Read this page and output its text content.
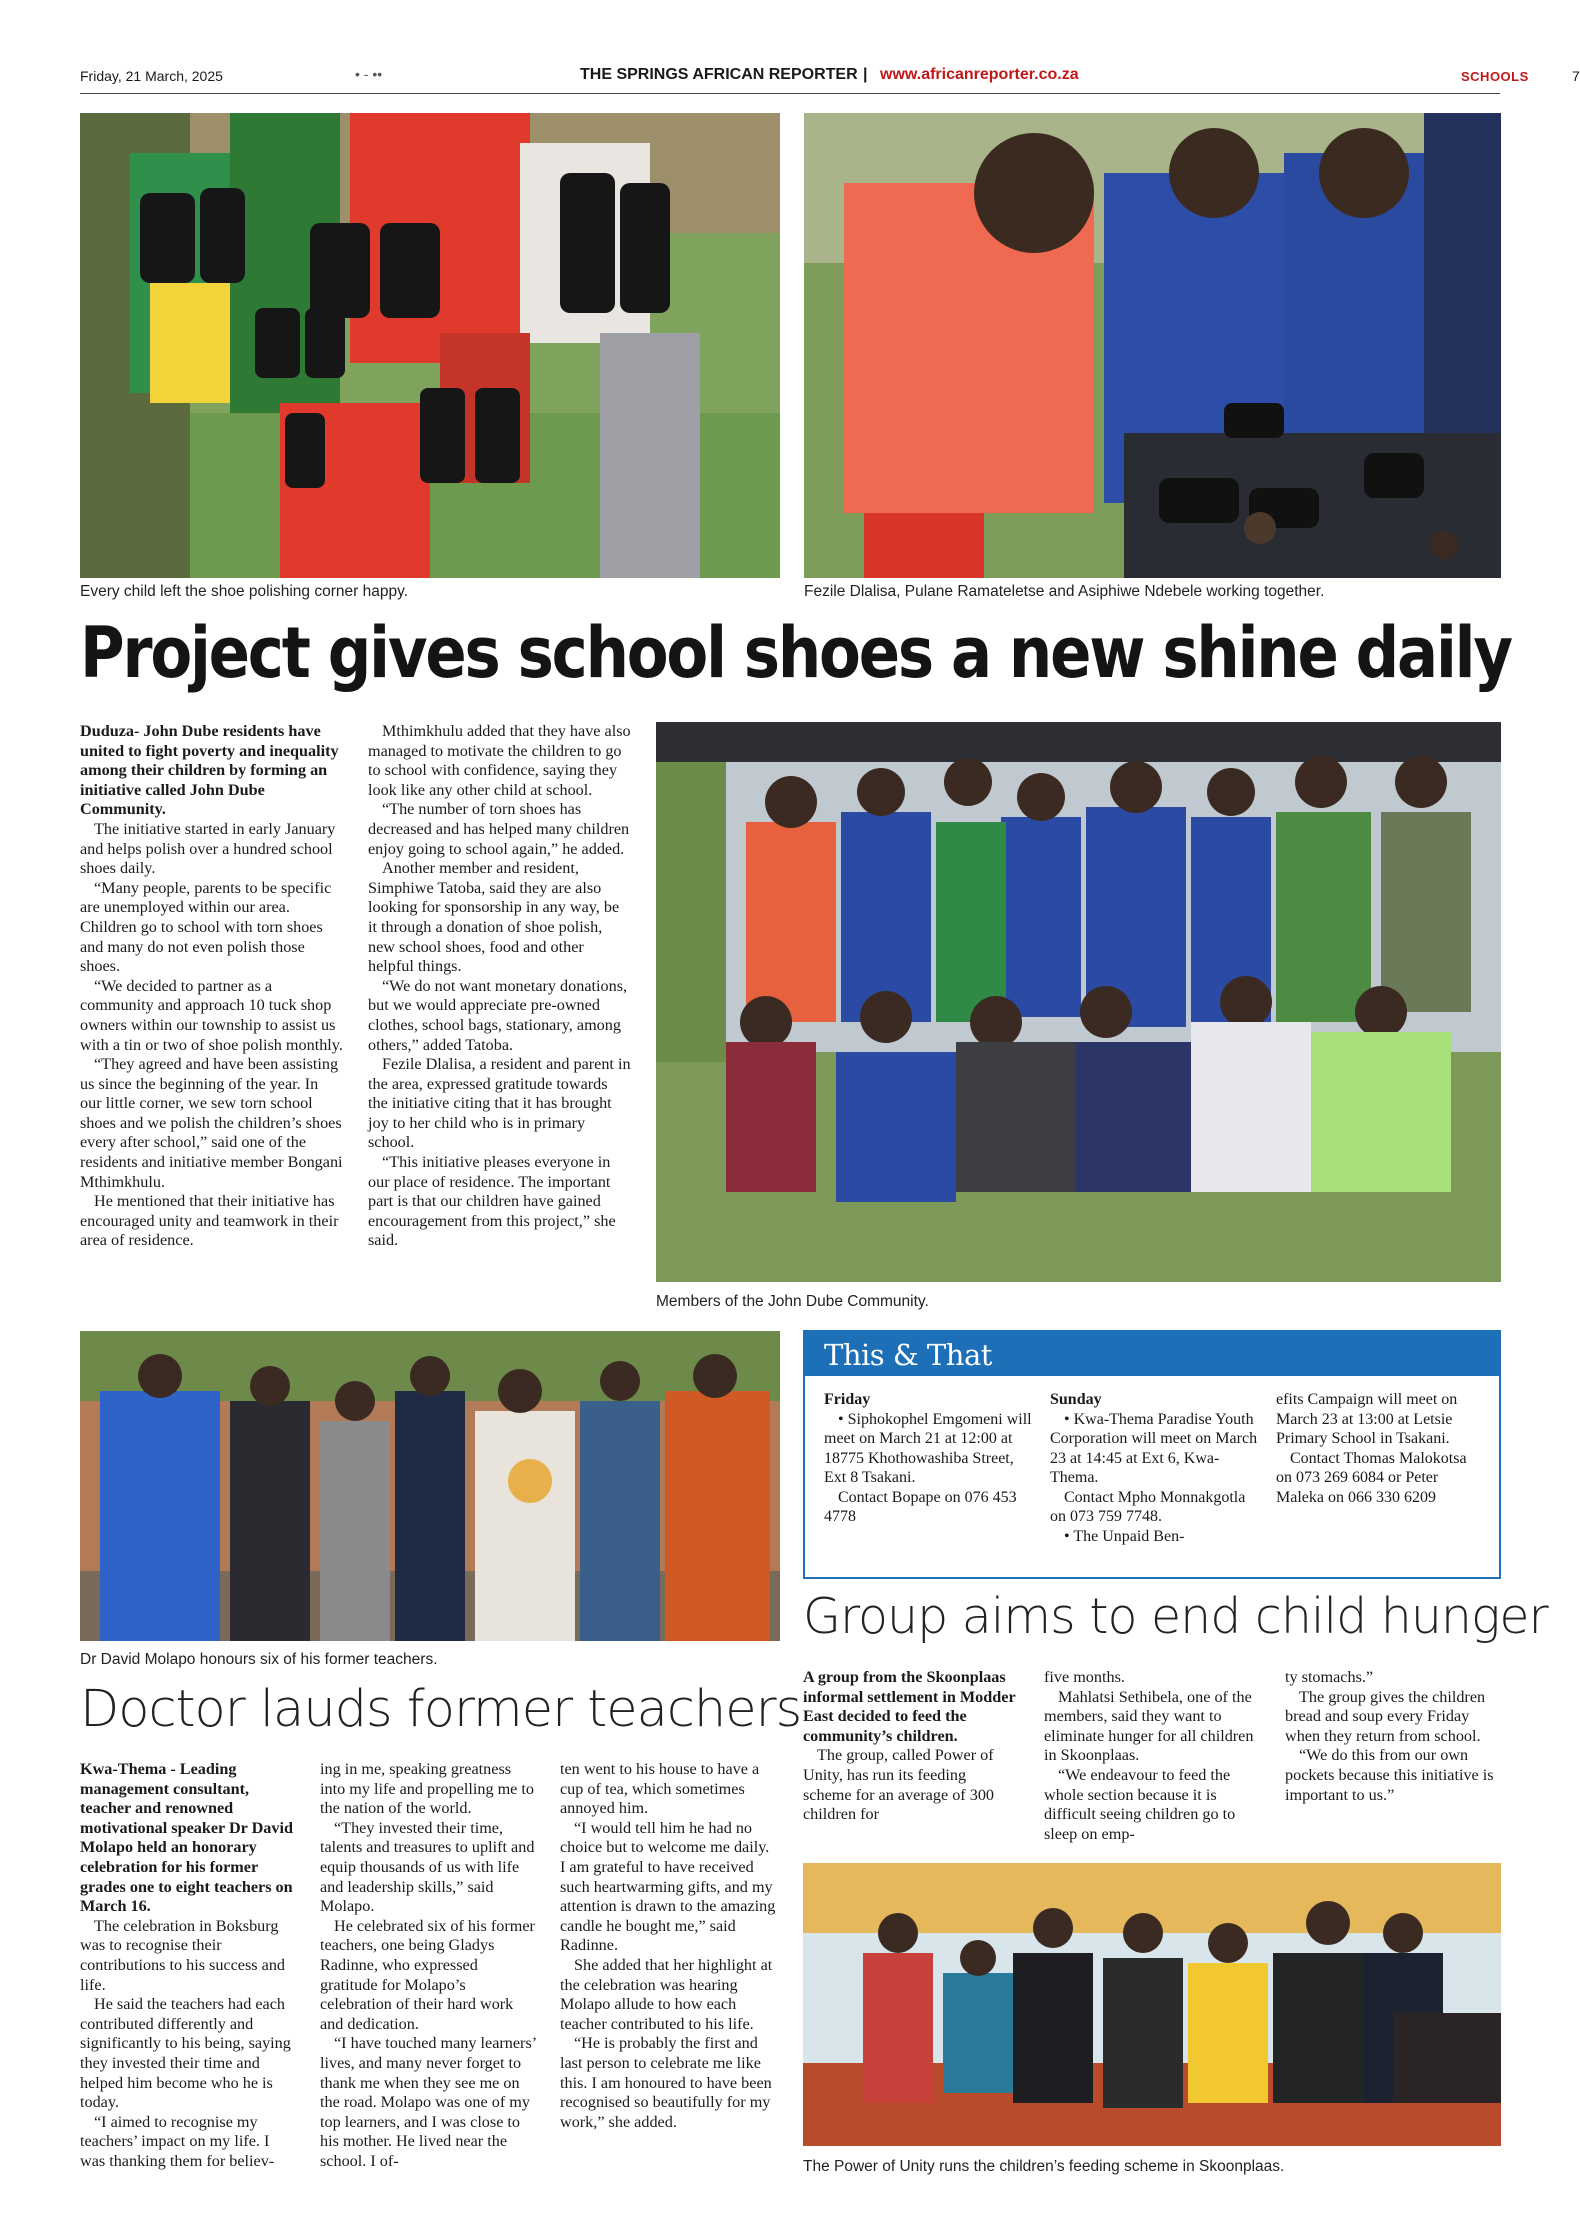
Friday, 21 March, 2025	• - ••	THE SPRINGS AFRICAN REPORTER | www.africanreporter.co.za	SCHOOLS	7
Every child left the shoe polishing corner happy.	Fezile Dlalisa, Pulane Ramateletse and Asiphiwe Ndebele working together.
Project gives school shoes a new shine daily

Duduza- John Dube residents have united to fight poverty and inequality among their children by forming an initiative called John Dube Community.

The initiative started in early January and helps polish over a hundred school shoes daily.

“Many people, parents to be specific are unemployed within our area. Children go to school with torn shoes and many do not even polish those shoes.

“We decided to partner as a community and approach 10 tuck shop owners within our township to assist us with a tin or two of shoe polish monthly.

“They agreed and have been assisting us since the beginning of the year. In our little corner, we sew torn school shoes and we polish the children’s shoes every after school,” said one of the residents and initiative member Bongani Mthimkhulu.

He mentioned that their initiative has encouraged unity and teamwork in their area of residence.

Mthimkhulu added that they have also managed to motivate the children to go to school with confidence, saying they look like any other child at school.

“The number of torn shoes has decreased and has helped many children enjoy going to school again,” he added.

Another member and resident, Simphiwe Tatoba, said they are also looking for sponsorship in any way, be it through a donation of shoe polish, new school shoes, food and other helpful things.

“We do not want monetary donations, but we would appreciate pre-owned clothes, school bags, stationary, among others,” added Tatoba.

Fezile Dlalisa, a resident and parent in the area, expressed gratitude towards the initiative citing that it has brought joy to her child who is in primary school.

“This initiative pleases everyone in our place of residence. The important part is that our children have gained encouragement from this project,” she said.

Members of the John Dube Community.
Dr David Molapo honours six of his former teachers.
Doctor lauds former teachers

Kwa-Thema - Leading management consultant, teacher and renowned motivational speaker Dr David Molapo held an honorary celebration for his former grades one to eight teachers on March 16.

The celebration in Boksburg was to recognise their contributions to his success and life.

He said the teachers had each contributed differently and significantly to his being, saying they invested their time and helped him become who he is today.

“I aimed to recognise my teachers’ impact on my life. I was thanking them for believ-

ing in me, speaking greatness into my life and propelling me to the nation of the world.

“They invested their time, talents and treasures to uplift and equip thousands of us with life and leadership skills,” said Molapo.

He celebrated six of his former teachers, one being Gladys Radinne, who expressed gratitude for Molapo’s celebration of their hard work and dedication.

“I have touched many learners’ lives, and many never forget to thank me when they see me on the road. Molapo was one of my top learners, and I was close to his mother. He lived near the school. I of-

ten went to his house to have a cup of tea, which sometimes annoyed him.

“I would tell him he had no choice but to welcome me daily. I am grateful to have received such heartwarming gifts, and my attention is drawn to the amazing candle he bought me,” said Radinne.

She added that her highlight at the celebration was hearing Molapo allude to how each teacher contributed to his life.

“He is probably the first and last person to celebrate me like this. I am honoured to have been recognised so beautifully for my work,” she added.

This & That

Friday

• Siphokophel Emgomeni will meet on March 21 at 12:00 at 18775 Khothowashiba Street, Ext 8 Tsakani.

Contact Bopape on 076 453 4778

Sunday

• Kwa-Thema Paradise Youth Corporation will meet on March 23 at 14:45 at Ext 6, Kwa-Thema.

Contact Mpho Monnakgotla on 073 759 7748.

• The Unpaid Ben-

efits Campaign will meet on March 23 at 13:00 at Letsie Primary School in Tsakani.

Contact Thomas Malokotsa on 073 269 6084 or Peter Maleka on 066 330 6209

Group aims to end child hunger

A group from the Skoonplaas informal settlement in Modder East decided to feed the community’s children.

The group, called Power of Unity, has run its feeding scheme for an average of 300 children for

five months.

Mahlatsi Sethibela, one of the members, said they want to eliminate hunger for all children in Skoonplaas.

“We endeavour to feed the whole section because it is difficult seeing children go to sleep on emp-

ty stomachs.”

The group gives the children bread and soup every Friday when they return from school.

“We do this from our own pockets because this initiative is important to us.”

The Power of Unity runs the children’s feeding scheme in Skoonplaas.
